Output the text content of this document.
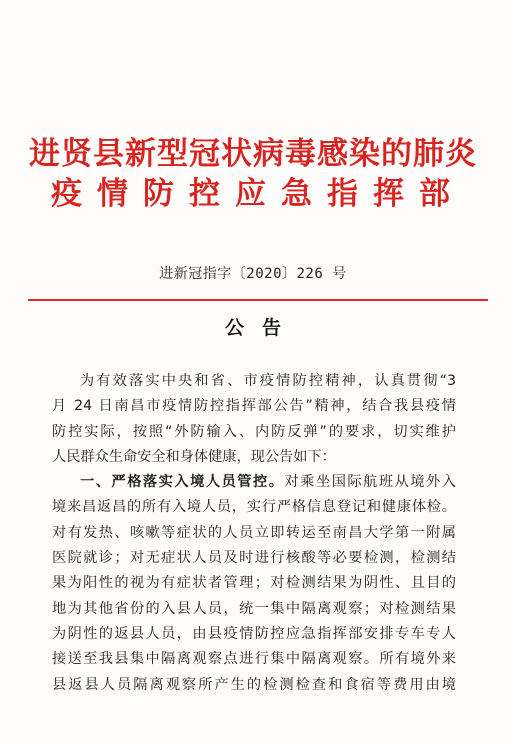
进贤县新型冠状病毒感染的肺炎
疫情防控应急指挥部
进新冠指字〔2020〕226 号
公告
为有效落实中央和省、市疫情防控精神，认真贯彻“3
月 24 日南昌市疫情防控指挥部公告”精神，结合我县疫情
防控实际，按照“外防输入、内防反弹”的要求，切实维护
人民群众生命安全和身体健康，现公告如下：
一、严格落实入境人员管控。对乘坐国际航班从境外入
境来昌返昌的所有入境人员，实行严格信息登记和健康体检。
对有发热、咳嗽等症状的人员立即转运至南昌大学第一附属
医院就诊；对无症状人员及时进行核酸等必要检测，检测结
果为阳性的视为有症状者管理；对检测结果为阴性、且目的
地为其他省份的入县人员，统一集中隔离观察；对检测结果
为阴性的返县人员，由县疫情防控应急指挥部安排专车专人
接送至我县集中隔离观察点进行集中隔离观察。所有境外来
县返县人员隔离观察所产生的检测检查和食宿等费用由境
